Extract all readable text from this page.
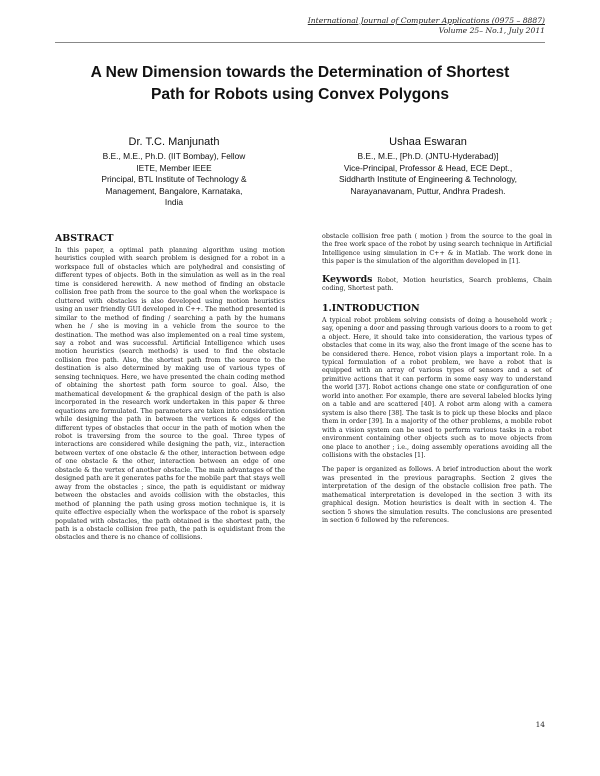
International Journal of Computer Applications (0975 – 8887)
Volume 25– No.1, July 2011
A New Dimension towards the Determination of Shortest
Path for Robots using Convex Polygons
Dr. T.C. Manjunath
B.E., M.E., Ph.D. (IIT Bombay), Fellow
IETE, Member IEEE
Principal, BTL Institute of Technology &
Management, Bangalore, Karnataka,
India
Ushaa Eswaran
B.E., M.E., [Ph.D. (JNTU-Hyderabad)]
Vice-Principal, Professor & Head, ECE Dept.,
Siddharth Institute of Engineering & Technology,
Narayanavanam, Puttur, Andhra Pradesh.
ABSTRACT

In this paper, a optimal path planning algorithm using motion heuristics coupled with search problem is designed for a robot in a workspace full of obstacles which are polyhedral and consisting of different types of objects. Both in the simulation as well as in the real time is considered herewith. A new method of finding an obstacle collision free path from the source to the goal when the workspace is cluttered with obstacles is also developed using motion heuristics using an user friendly GUI developed in C++. The method presented is similar to the method of finding / searching a path by the humans when he / she is moving in a vehicle from the source to the destination. The method was also implemented on a real time system, say a robot and was successful. Artificial Intelligence which uses motion heuristics (search methods) is used to find the obstacle collision free path. Also, the shortest path from the source to the destination is also determined by making use of various types of sensing techniques. Here, we have presented the chain coding method of obtaining the shortest path form source to goal. Also, the mathematical development & the graphical design of the path is also incorporated in the research work undertaken in this paper & three equations are formulated. The parameters are taken into consideration while designing the path in between the vertices & edges of the different types of obstacles that occur in the path of motion when the robot is traversing from the source to the goal. Three types of interactions are considered while designing the path, viz., interaction between vertex of one obstacle & the other, interaction between edge of one obstacle & the other, interaction between an edge of one obstacle & the vertex of another obstacle. The main advantages of the designed path are it generates paths for the mobile part that stays well away from the obstacles ; since, the path is equidistant or midway between the obstacles and avoids collision with the obstacles, this method of planning the path using gross motion technique is, it is quite effective especially when the workspace of the robot is sparsely populated with obstacles, the path obtained is the shortest path, the path is a obstacle collision free path, the path is equidistant from the obstacles and there is no chance of collisions.

obstacle collision free path ( motion ) from the source to the goal in the free work space of the robot by using search technique in Artificial Intelligence using simulation in C++ & in Matlab. The work done in this paper is the simulation of the algorithm developed in [1].

Keywords Robot, Motion heuristics, Search problems, Chain coding, Shortest path.

1.INTRODUCTION

A typical robot problem solving consists of doing a household work ; say, opening a door and passing through various doors to a room to get a object. Here, it should take into consideration, the various types of obstacles that come in its way, also the front image of the scene has to be considered there. Hence, robot vision plays a important role. In a typical formulation of a robot problem, we have a robot that is equipped with an array of various types of sensors and a set of primitive actions that it can perform in some easy way to understand the world [37]. Robot actions change one state or configuration of one world into another. For example, there are several labeled blocks lying on a table and are scattered [40]. A robot arm along with a camera system is also there [38]. The task is to pick up these blocks and place them in order [39]. In a majority of the other problems, a mobile robot with a vision system can be used to perform various tasks in a robot environment containing other objects such as to move objects from one place to another ; i.e., doing assembly operations avoiding all the collisions with the obstacles [1].

The paper is organized as follows. A brief introduction about the work was presented in the previous paragraphs. Section 2 gives the interpretation of the design of the obstacle collision free path. The mathematical interpretation is developed in the section 3 with its graphical design. Motion heuristics is dealt with in section 4. The section 5 shows the simulation results. The conclusions are presented in section 6 followed by the references.

14
